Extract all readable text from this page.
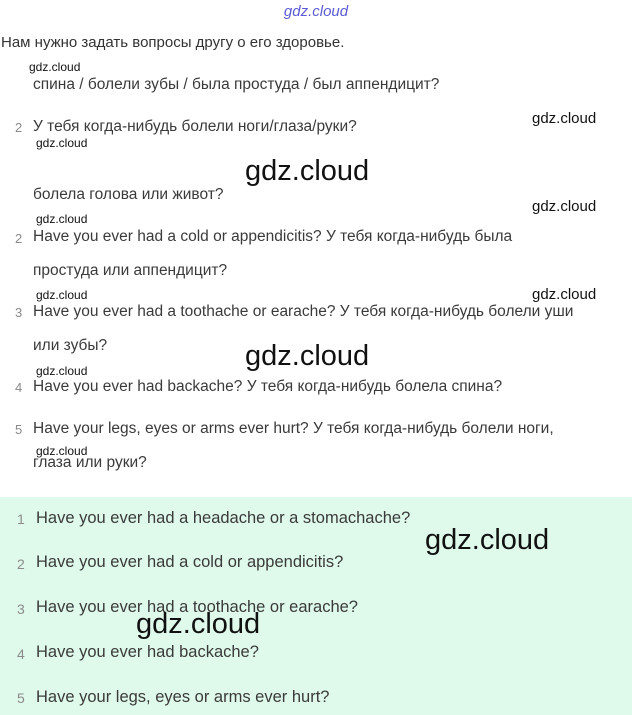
gdz.cloud
Нам нужно задать вопросы другу о его здоровье.
спина / болели зубы / была простуда / был аппендицит?
2 У тебя когда-нибудь болели ноги/глаза/руки?
болела голова или живот?
2 Have you ever had a cold or appendicitis? У тебя когда-нибудь была
простуда или аппендицит?
3 Have you ever had a toothache or earache? У тебя когда-нибудь болели уши
или зубы?
4 Have you ever had backache? У тебя когда-нибудь болела спина?
5 Have your legs, eyes or arms ever hurt? У тебя когда-нибудь болели ноги,
глаза или руки?
1 Have you ever had a headache or a stomachache?
2 Have you ever had a cold or appendicitis?
3 Have you ever had a toothache or earache?
4 Have you ever had backache?
5 Have your legs, eyes or arms ever hurt?
gdz.cloud
gdz.cloud
gdz.cloud
gdz.cloud
gdz.cloud
gdz.cloud
gdz.cloud	gdz.cloud
gdz.cloud
gdz.cloud
gdz.cloud
gdz.cloud
gdz.cloud
